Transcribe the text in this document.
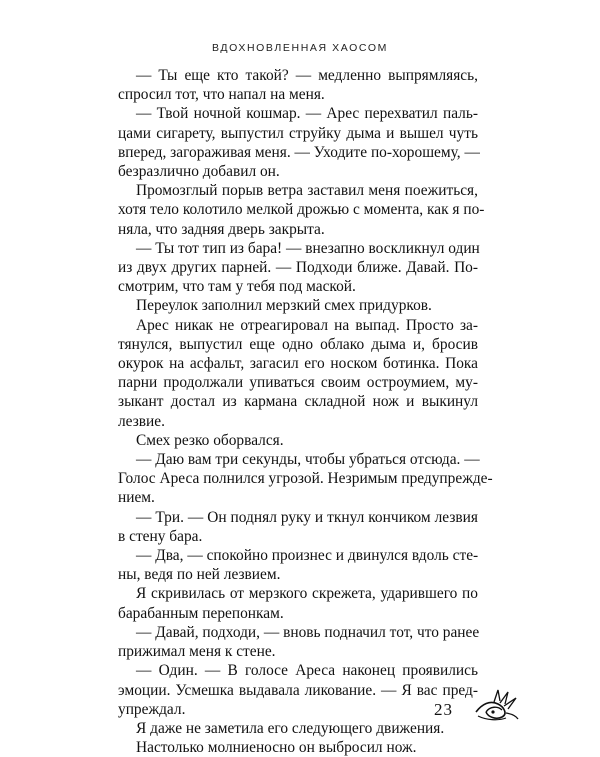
ВДОХНОВЛЕННАЯ ХАОСОМ
— Ты еще кто такой? — медленно выпрямляясь,
спросил тот, что напал на меня.
— Твой ночной кошмар. — Арес перехватил паль-
цами сигарету, выпустил струйку дыма и вышел чуть
вперед, загораживая меня. — Уходите по-хорошему, —
безразлично добавил он.
Промозглый порыв ветра заставил меня поежиться,
хотя тело колотило мелкой дрожью с момента, как я по-
няла, что задняя дверь закрыта.
— Ты тот тип из бара! — внезапно воскликнул один
из двух других парней. — Подходи ближе. Давай. По-
смотрим, что там у тебя под маской.
Переулок заполнил мерзкий смех придурков.
Арес никак не отреагировал на выпад. Просто за-
тянулся, выпустил еще одно облако дыма и, бросив
окурок на асфальт, загасил его носком ботинка. Пока
парни продолжали упиваться своим остроумием, му-
зыкант достал из кармана складной нож и выкинул
лезвие.
Смех резко оборвался.
— Даю вам три секунды, чтобы убраться отсюда. —
Голос Ареса полнился угрозой. Незримым предупрежде-
нием.
— Три. — Он поднял руку и ткнул кончиком лезвия
в стену бара.
— Два, — спокойно произнес и двинулся вдоль сте-
ны, ведя по ней лезвием.
Я скривилась от мерзкого скрежета, ударившего по
барабанным перепонкам.
— Давай, подходи, — вновь подначил тот, что ранее
прижимал меня к стене.
— Один. — В голосе Ареса наконец проявились
эмоции. Усмешка выдавала ликование. — Я вас пред-
упреждал.
Я даже не заметила его следующего движения.
Настолько молниеносно он выбросил нож.
23
